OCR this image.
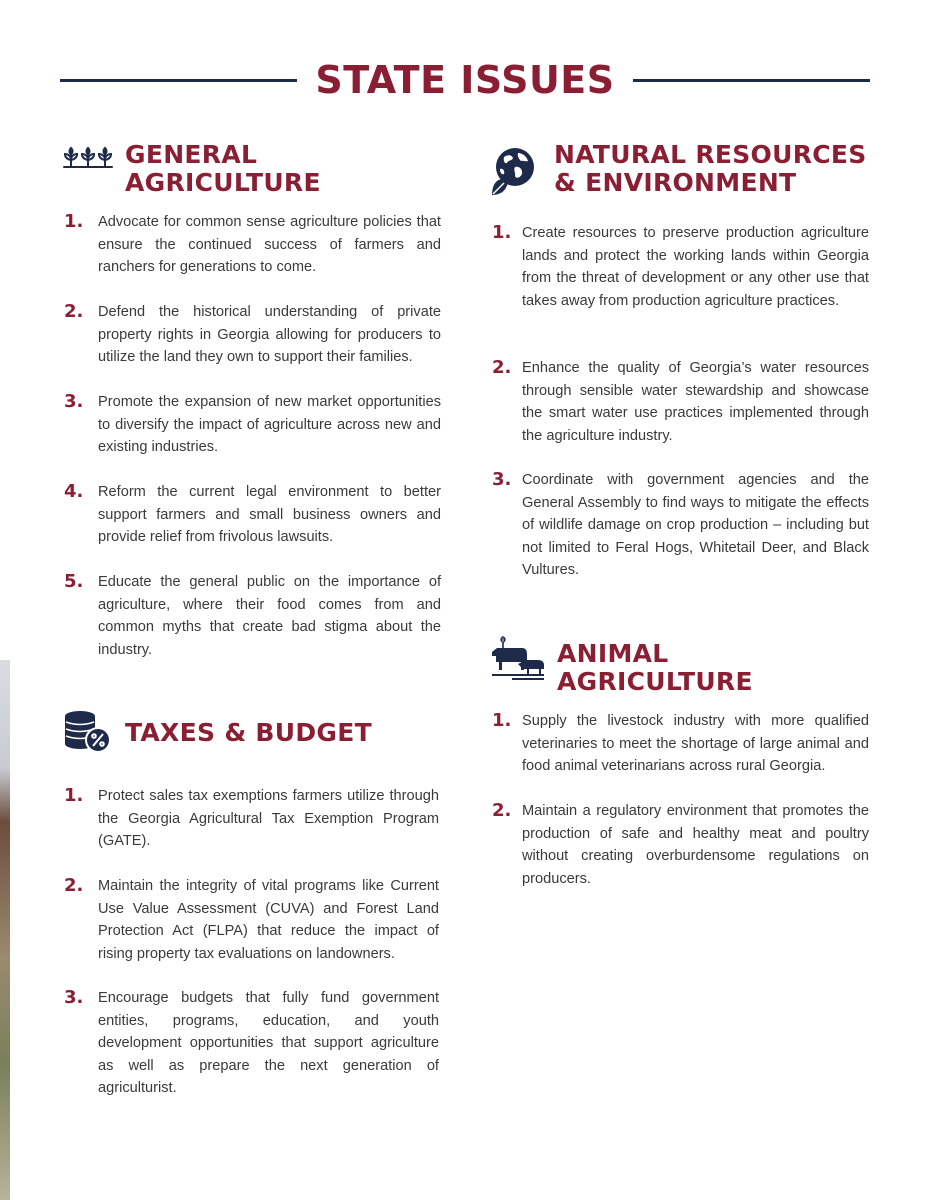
STATE ISSUES
GENERAL
AGRICULTURE
1. Advocate for common sense agriculture policies that ensure the continued success of farmers and ranchers for generations to come.

2. Defend the historical understanding of private property rights in Georgia allowing for producers to utilize the land they own to support their families.

3. Promote the expansion of new market opportunities to diversify the impact of agriculture across new and existing industries.

4. Reform the current legal environment to better support farmers and small business owners and provide relief from frivolous lawsuits.

5. Educate the general public on the importance of agriculture, where their food comes from and common myths that create bad stigma about the industry.

TAXES & BUDGET
1. Protect sales tax exemptions farmers utilize through the Georgia Agricultural Tax Exemption Program (GATE).

2. Maintain the integrity of vital programs like Current Use Value Assessment (CUVA) and Forest Land Protection Act (FLPA) that reduce the impact of rising property tax evaluations on landowners.

3. Encourage budgets that fully fund government entities, programs, education, and youth development opportunities that support agriculture as well as prepare the next generation of agriculturist.

NATURAL RESOURCES
& ENVIRONMENT
1. Create resources to preserve production agriculture lands and protect the working lands within Georgia from the threat of development or any other use that takes away from production agriculture practices.

2. Enhance the quality of Georgia’s water resources through sensible water stewardship and showcase the smart water use practices implemented through the agriculture industry.

3. Coordinate with government agencies and the General Assembly to find ways to mitigate the effects of wildlife damage on crop production – including but not limited to Feral Hogs, Whitetail Deer, and Black Vultures.

ANIMAL
AGRICULTURE
1. Supply the livestock industry with more qualified veterinaries to meet the shortage of large animal and food animal veterinarians across rural Georgia.

2. Maintain a regulatory environment that promotes the production of safe and healthy meat and poultry without creating overburdensome regulations on producers.
